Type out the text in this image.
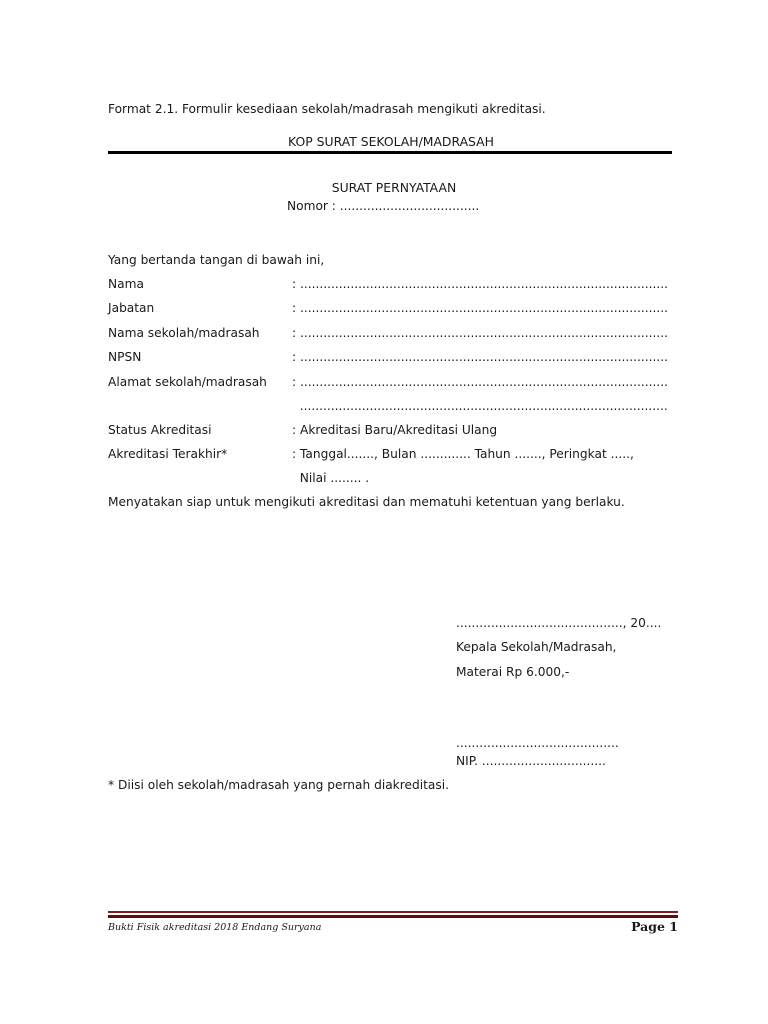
Format 2.1. Formulir kesediaan sekolah/madrasah mengikuti akreditasi.
KOP SURAT SEKOLAH/MADRASAH
SURAT PERNYATAAN
Nomor : ....................................
Yang bertanda tangan di bawah ini,
Nama	: ...............................................................................................
Jabatan	: ...............................................................................................
Nama sekolah/madrasah	: ...............................................................................................
NPSN	: ...............................................................................................
Alamat sekolah/madrasah : ...............................................................................................
...............................................................................................
Status Akreditasi	: Akreditasi Baru/Akreditasi Ulang
Akreditasi Terakhir*	: Tanggal......., Bulan ............. Tahun ......., Peringkat .....,
Nilai ........ .
Menyatakan siap untuk mengikuti akreditasi dan mematuhi ketentuan yang berlaku.
..........................................., 20....
Kepala Sekolah/Madrasah,
Materai Rp 6.000,-
..........................................
NIP. ................................
* Diisi oleh sekolah/madrasah yang pernah diakreditasi.
Bukti Fisik akreditasi 2018 Endang Suryana	Page 1
